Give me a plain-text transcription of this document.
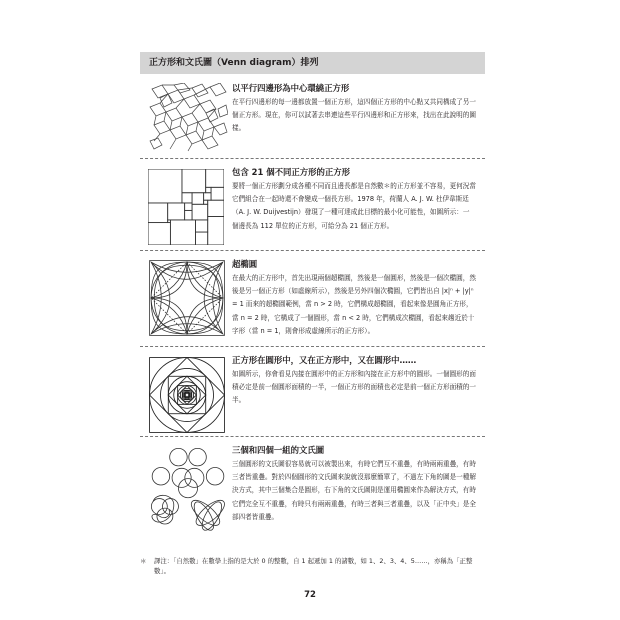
正方形和文氏圖（Venn diagram）排列
以平行四邊形為中心環繞正方形
在平行四邊形的每一邊都放置一個正方形，這四個正方形的中心點又共同構成了另一個正方形。現在，你可以試著去串連這些平行四邊形和正方形來，找出在此說明的圖樣。
包含 21 個不同正方形的正方形
要將一個正方形劃分成各種不同而且邊長都是自然數＊的正方形並不容易，更何況當它們組合在一起時還不會變成一個長方形。1978 年，荷蘭人 A. J. W. 杜伊韋斯廷（A. J. W. Duijvestijn）發現了一種可達成此目標的最小化可能性，如圖所示：一個邊長為 112 單位的正方形，可給分為 21 個正方形。
超橢圓
在最大的正方形中，首先出現兩個超橢圓，然後是一個圓形，然後是一個次橢圓，然後是另一個正方形（如虛線所示），然後是另外四個次橢圓，它們皆出自 |x|ⁿ + |y|ⁿ = 1 而來的超橢圓範例，當 n > 2 時，它們構成超橢圓，看起來像是圓角正方形，當 n = 2 時，它構成了一個圓形，當 n < 2 時，它們構成次橢圓，看起來趨近於十字形（當 n = 1，則會形成虛線所示的正方形）。
正方形在圓形中，又在正方形中，又在圓形中……
如圖所示，你會看見內接在圓形中的正方形和內接在正方形中的圓形。一個圓形的面積必定是前一個圓形面積的一半，一個正方形的面積也必定是前一個正方形面積的一半。
三個和四個一組的文氏圖
三個圓形的文氏圖很容易就可以被製出來，有時它們互不重疊，有時兩兩重疊，有時三者皆重疊。對於四個圓形的文氏圖來說就沒那麼簡單了，不過左下角的圖是一種解決方式，其中三個集合是圓形，右下角的文氏圖則是運用橢圓來作為解決方式，有時它們完全互不重疊，有時只有兩兩重疊，有時三者與三者重疊，以及「正中央」是全部四者皆重疊。
＊ 譯注：「自然數」在數學上指的是大於 0 的整數，自 1 起遞加 1 的諸數，如 1、2、3、4、5……，亦稱為「正整數」。
72
